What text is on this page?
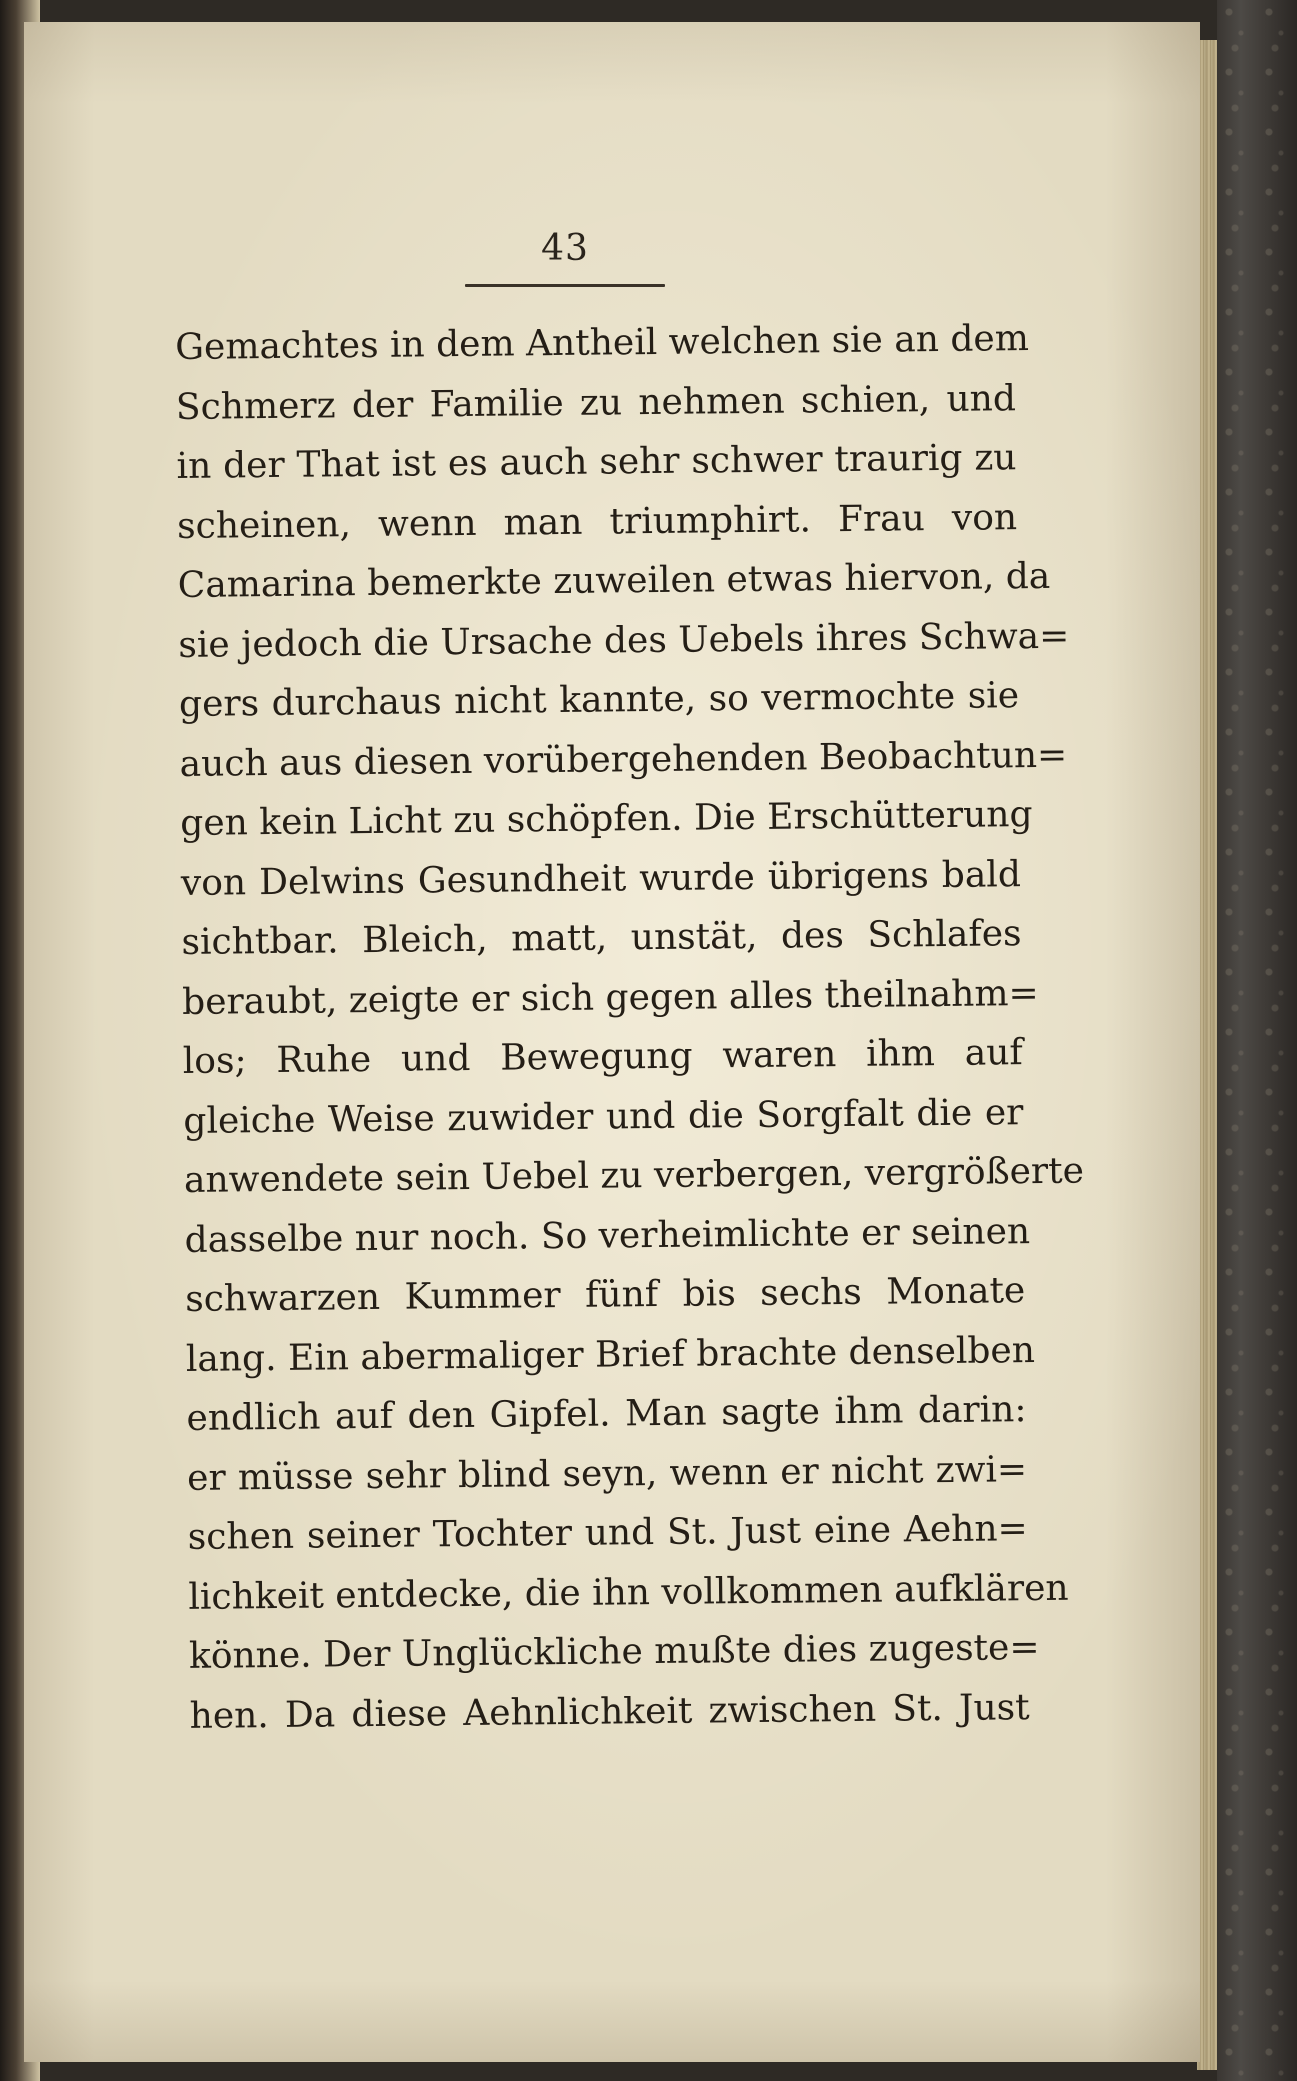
43
Gemachtes in dem Antheil welchen sie an dem
Schmerz der Familie zu nehmen schien, und
in der That ist es auch sehr schwer traurig zu
scheinen, wenn man triumphirt. Frau von
Camarina bemerkte zuweilen etwas hiervon, da
sie jedoch die Ursache des Uebels ihres Schwa=
gers durchaus nicht kannte, so vermochte sie
auch aus diesen vorübergehenden Beobachtun=
gen kein Licht zu schöpfen. Die Erschütterung
von Delwins Gesundheit wurde übrigens bald
sichtbar. Bleich, matt, unstät, des Schlafes
beraubt, zeigte er sich gegen alles theilnahm=
los; Ruhe und Bewegung waren ihm auf
gleiche Weise zuwider und die Sorgfalt die er
anwendete sein Uebel zu verbergen, vergrößerte
dasselbe nur noch. So verheimlichte er seinen
schwarzen Kummer fünf bis sechs Monate
lang. Ein abermaliger Brief brachte denselben
endlich auf den Gipfel. Man sagte ihm darin:
er müsse sehr blind seyn, wenn er nicht zwi=
schen seiner Tochter und St. Just eine Aehn=
lichkeit entdecke, die ihn vollkommen aufklären
könne. Der Unglückliche mußte dies zugeste=
hen. Da diese Aehnlichkeit zwischen St. Just
